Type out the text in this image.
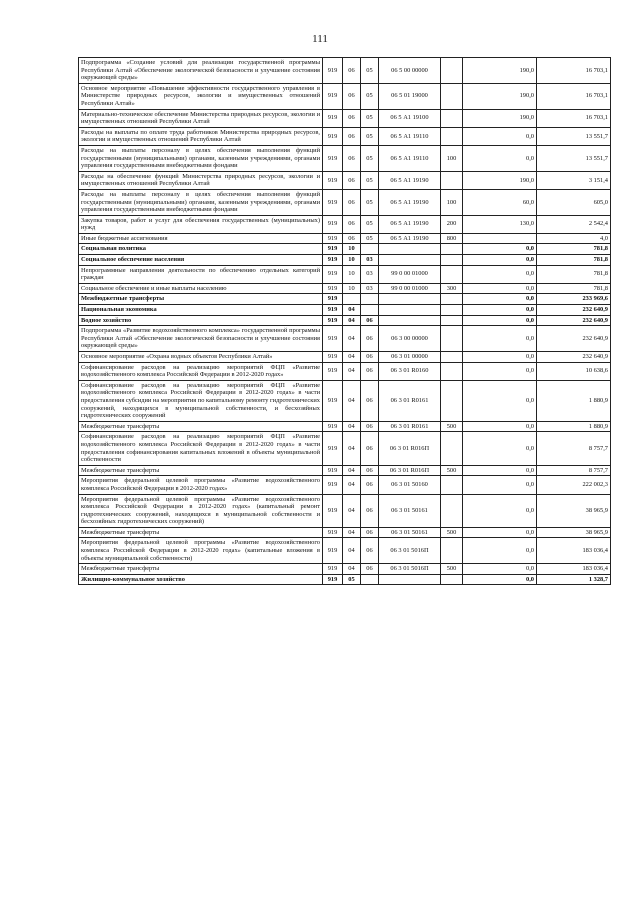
111
Подпрограмма «Создание условий для реализации государственной программы Республики Алтай «Обеспечение экологической безопасности и улучшение состояния окружающей среды»	919	06	05	06 5 00 00000		190,0	16 703,1
Основное мероприятие «Повышение эффективности государственного управления в Министерстве природных ресурсов, экологии и имущественных отношений Республики Алтай»	919	06	05	06 5 01 19000		190,0	16 703,1
Материально-техническое обеспечение Министерства природных ресурсов, экологии и имущественных отношений Республики Алтай	919	06	05	06 5 А1 19100		190,0	16 703,1
Расходы на выплаты по оплате труда работников Министерства природных ресурсов, экологии и имущественных отношений Республики Алтай	919	06	05	06 5 А1 19110		0,0	13 551,7
Расходы на выплаты персоналу в целях обеспечения выполнения функций государственными (муниципальными) органами, казенными учреждениями, органами управления государственными внебюджетными фондами	919	06	05	06 5 А1 19110	100	0,0	13 551,7
Расходы на обеспечение функций Министерства природных ресурсов, экологии и имущественных отношений Республики Алтай	919	06	05	06 5 А1 19190		190,0	3 151,4
Расходы на выплаты персоналу в целях обеспечения выполнения функций государственными (муниципальными) органами, казенными учреждениями, органами управления государственными внебюджетными фондами	919	06	05	06 5 А1 19190	100	60,0	605,0
Закупка товаров, работ и услуг для обеспечения государственных (муниципальных) нужд	919	06	05	06 5 А1 19190	200	130,0	2 542,4
Иные бюджетные ассигнования	919	06	05	06 5 А1 19190	800		4,0
Социальная политика	919	10				0,0	781,8
Социальное обеспечение населения	919	10	03			0,0	781,8
Непрограммные направления деятельности по обеспечению отдельных категорий граждан	919	10	03	99 0 00 01000		0,0	781,8
Социальное обеспечение и иные выплаты населению	919	10	03	99 0 00 01000	300	0,0	781,8
Межбюджетные трансферты	919					0,0	233 969,6
Национальная экономика	919	04				0,0	232 640,9
Водное хозяйство	919	04	06			0,0	232 640,9
Подпрограмма «Развитие водохозяйственного комплекса» государственной программы Республики Алтай «Обеспечение экологической безопасности и улучшение состояния окружающей среды»	919	04	06	06 3 00 00000		0,0	232 640,9
Основное мероприятие «Охрана водных объектов Республики Алтай»	919	04	06	06 3 01 00000		0,0	232 640,9
Софинансирование расходов на реализацию мероприятий ФЦП «Развитие водохозяйственного комплекса Российской Федерации в 2012-2020 годах»	919	04	06	06 3 01 R0160		0,0	10 638,6
Софинансирование расходов на реализацию мероприятий ФЦП «Развитие водохозяйственного комплекса Российской Федерации в 2012-2020 годах» в части предоставления субсидии на мероприятия по капитальному ремонту гидротехнических сооружений, находящихся в муниципальной собственности, и бесхозяйных гидротехнических сооружений	919	04	06	06 3 01 R0161		0,0	1 880,9
Межбюджетные трансферты	919	04	06	06 3 01 R0161	500	0,0	1 880,9
Софинансирование расходов на реализацию мероприятий ФЦП «Развитие водохозяйственного комплекса Российской Федерации в 2012-2020 годах» в части предоставления софинансирования капитальных вложений в объекты муниципальной собственности	919	04	06	06 3 01 R016П		0,0	8 757,7
Межбюджетные трансферты	919	04	06	06 3 01 R016П	500	0,0	8 757,7
Мероприятия федеральной целевой программы «Развитие водохозяйственного комплекса Российской Федерации в 2012-2020 годах»	919	04	06	06 3 01 50160		0,0	222 002,3
Мероприятия федеральной целевой программы «Развитие водохозяйственного комплекса Российской Федерации в 2012-2020 годах» (капитальный ремонт гидротехнических сооружений, находящихся в муниципальной собственности и бесхозяйных гидротехнических сооружений)	919	04	06	06 3 01 50161		0,0	38 965,9
Межбюджетные трансферты	919	04	06	06 3 01 50161	500	0,0	38 965,9
Мероприятия федеральной целевой программы «Развитие водохозяйственного комплекса Российской Федерации в 2012-2020 годах» (капитальные вложения в объекты муниципальной собственности)	919	04	06	06 3 01 5016П		0,0	183 036,4
Межбюджетные трансферты	919	04	06	06 3 01 5016П	500	0,0	183 036,4
Жилищно-коммунальное хозяйство	919	05				0,0	1 328,7
